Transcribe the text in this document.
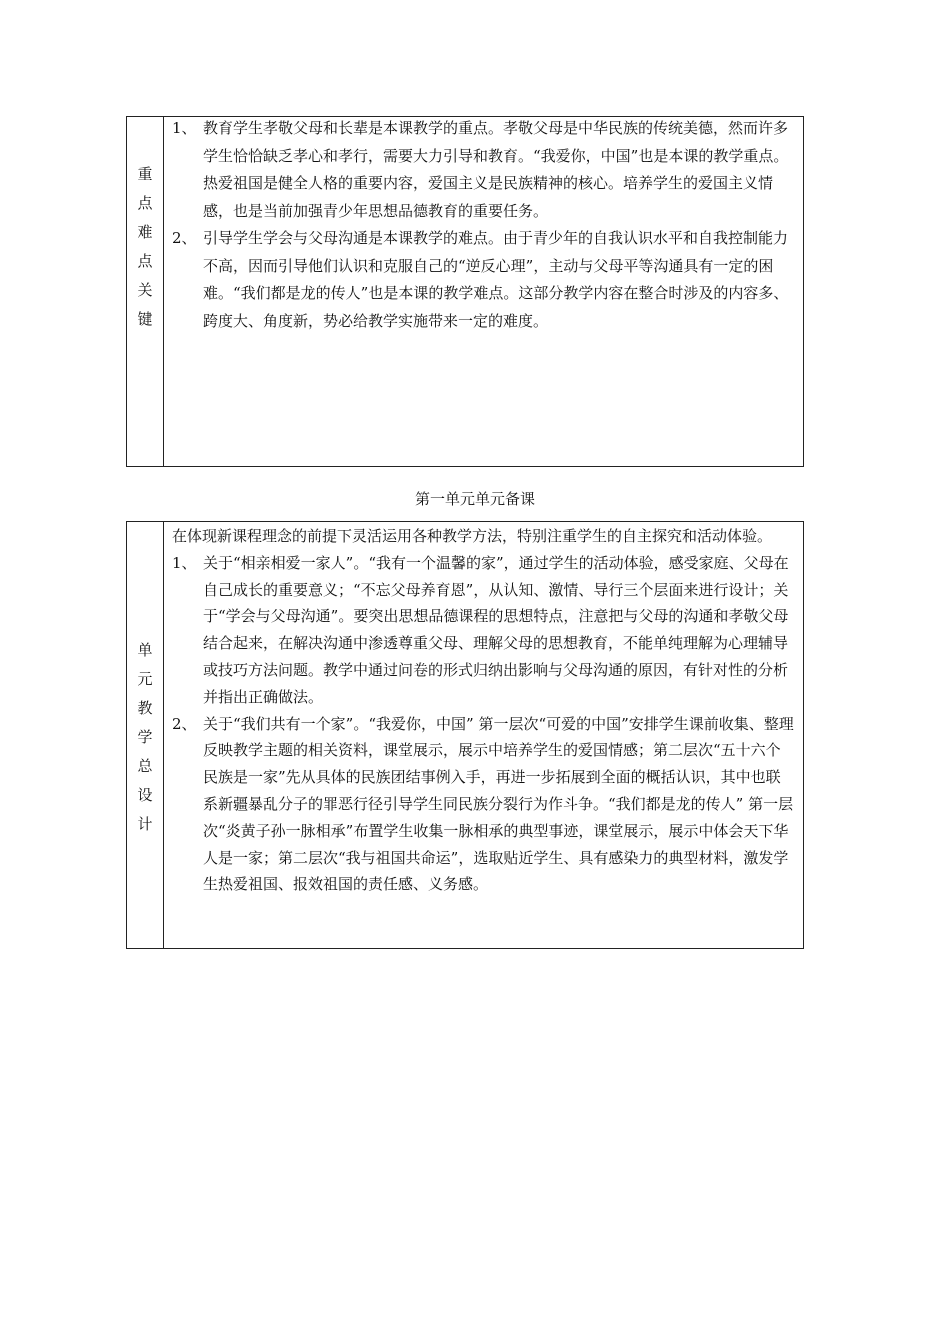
重
点
难
点
关
键
1、 教育学生孝敬父母和长辈是本课教学的重点。孝敬父母是中华民族的传统美德，然而许多学生恰恰缺乏孝心和孝行，需要大力引导和教育。“我爱你，中国”也是本课的教学重点。热爱祖国是健全人格的重要内容，爱国主义是民族精神的核心。培养学生的爱国主义情感，也是当前加强青少年思想品德教育的重要任务。
2、 引导学生学会与父母沟通是本课教学的难点。由于青少年的自我认识水平和自我控制能力不高，因而引导他们认识和克服自己的“逆反心理”，主动与父母平等沟通具有一定的困难。“我们都是龙的传人”也是本课的教学难点。这部分教学内容在整合时涉及的内容多、跨度大、角度新，势必给教学实施带来一定的难度。
第一单元单元备课
单
元
教
学
总
设
计

在体现新课程理念的前提下灵活运用各种教学方法，特别注重学生的自主探究和活动体验。

1、 关于“相亲相爱一家人”。“我有一个温馨的家”，通过学生的活动体验，感受家庭、父母在自己成长的重要意义；“不忘父母养育恩”，从认知、激情、导行三个层面来进行设计；关于“学会与父母沟通”。要突出思想品德课程的思想特点，注意把与父母的沟通和孝敬父母结合起来，在解决沟通中渗透尊重父母、理解父母的思想教育，不能单纯理解为心理辅导或技巧方法问题。教学中通过问卷的形式归纳出影响与父母沟通的原因，有针对性的分析并指出正确做法。
2、 关于“我们共有一个家”。“我爱你，中国” 第一层次“可爱的中国”安排学生课前收集、整理反映教学主题的相关资料，课堂展示，展示中培养学生的爱国情感；第二层次“五十六个民族是一家”先从具体的民族团结事例入手，再进一步拓展到全面的概括认识，其中也联系新疆暴乱分子的罪恶行径引导学生同民族分裂行为作斗争。“我们都是龙的传人” 第一层次“炎黄子孙一脉相承”布置学生收集一脉相承的典型事迹，课堂展示，展示中体会天下华人是一家；第二层次“我与祖国共命运”，选取贴近学生、具有感染力的典型材料，激发学生热爱祖国、报效祖国的责任感、义务感。
